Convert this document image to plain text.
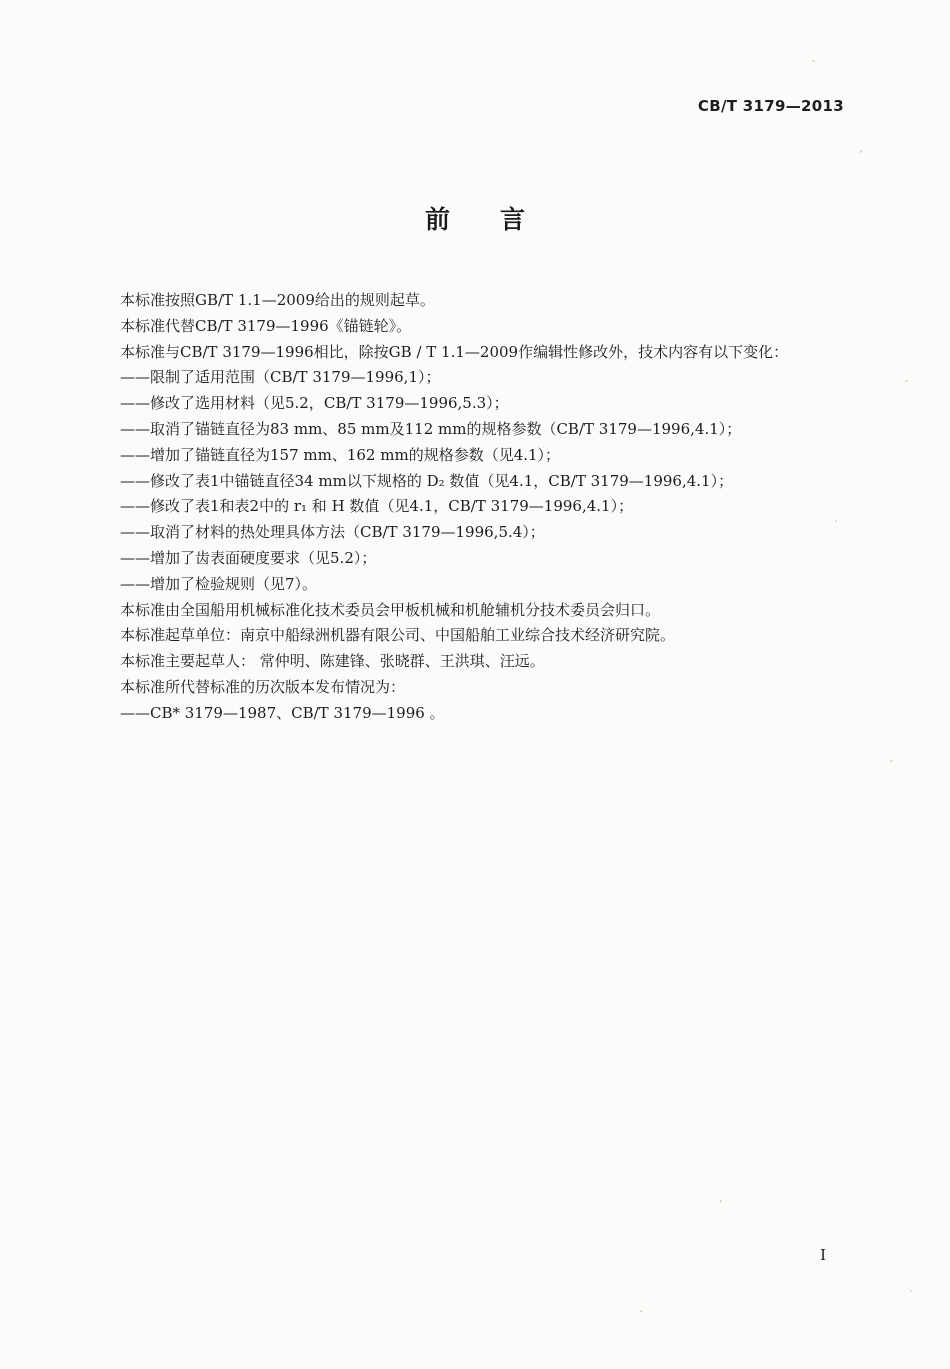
CB/T 3179—2013
前 言
本标准按照GB/T 1.1—2009给出的规则起草。
本标准代替CB/T 3179—1996《锚链轮》。
本标准与CB/T 3179—1996相比，除按GB / T 1.1—2009作编辑性修改外，技术内容有以下变化：
——限制了适用范围（CB/T 3179—1996,1）；
——修改了选用材料（见5.2，CB/T 3179—1996,5.3）；
——取消了锚链直径为83 mm、85 mm及112 mm的规格参数（CB/T 3179—1996,4.1）；
——增加了锚链直径为157 mm、162 mm的规格参数（见4.1）；
——修改了表1中锚链直径34 mm以下规格的 D₂ 数值（见4.1，CB/T 3179—1996,4.1）；
——修改了表1和表2中的 r₁ 和 H 数值（见4.1，CB/T 3179—1996,4.1）；
——取消了材料的热处理具体方法（CB/T 3179—1996,5.4）；
——增加了齿表面硬度要求（见5.2）；
——增加了检验规则（见7）。
本标准由全国船用机械标准化技术委员会甲板机械和机舱辅机分技术委员会归口。
本标准起草单位：南京中船绿洲机器有限公司、中国船舶工业综合技术经济研究院。
本标准主要起草人： 常仲明、陈建锋、张晓群、王洪琪、汪远。
本标准所代替标准的历次版本发布情况为：
——CB* 3179—1987、CB/T 3179—1996 。
I
